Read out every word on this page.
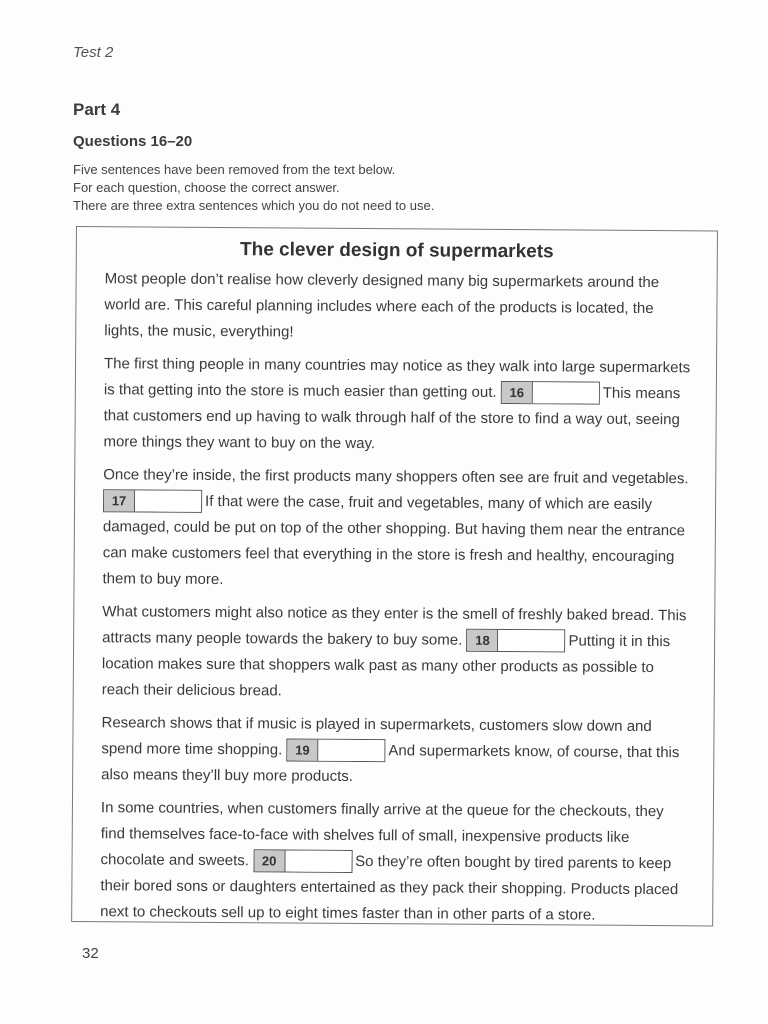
Test 2
Part 4
Questions 16–20
Five sentences have been removed from the text below.
For each question, choose the correct answer.
There are three extra sentences which you do not need to use.
The clever design of supermarkets

Most people don’t realise how cleverly designed many big supermarkets around the world are. This careful planning includes where each of the products is located, the lights, the music, everything!

The first thing people in many countries may notice as they walk into large supermarkets is that getting into the store is much easier than getting out. 16	This means that customers end up having to walk through half of the store to find a way out, seeing more things they want to buy on the way.

Once they’re inside, the first products many shoppers often see are fruit and vegetables.
17	If that were the case, fruit and vegetables, many of which are easily damaged, could be put on top of the other shopping. But having them near the entrance can make customers feel that everything in the store is fresh and healthy, encouraging them to buy more.

What customers might also notice as they enter is the smell of freshly baked bread. This attracts many people towards the bakery to buy some. 18	Putting it in this location makes sure that shoppers walk past as many other products as possible to reach their delicious bread.

Research shows that if music is played in supermarkets, customers slow down and spend more time shopping. 19	And supermarkets know, of course, that this also means they’ll buy more products.

In some countries, when customers finally arrive at the queue for the checkouts, they find themselves face-to-face with shelves full of small, inexpensive products like chocolate and sweets. 20	So they’re often bought by tired parents to keep their bored sons or daughters entertained as they pack their shopping. Products placed next to checkouts sell up to eight times faster than in other parts of a store.

32
